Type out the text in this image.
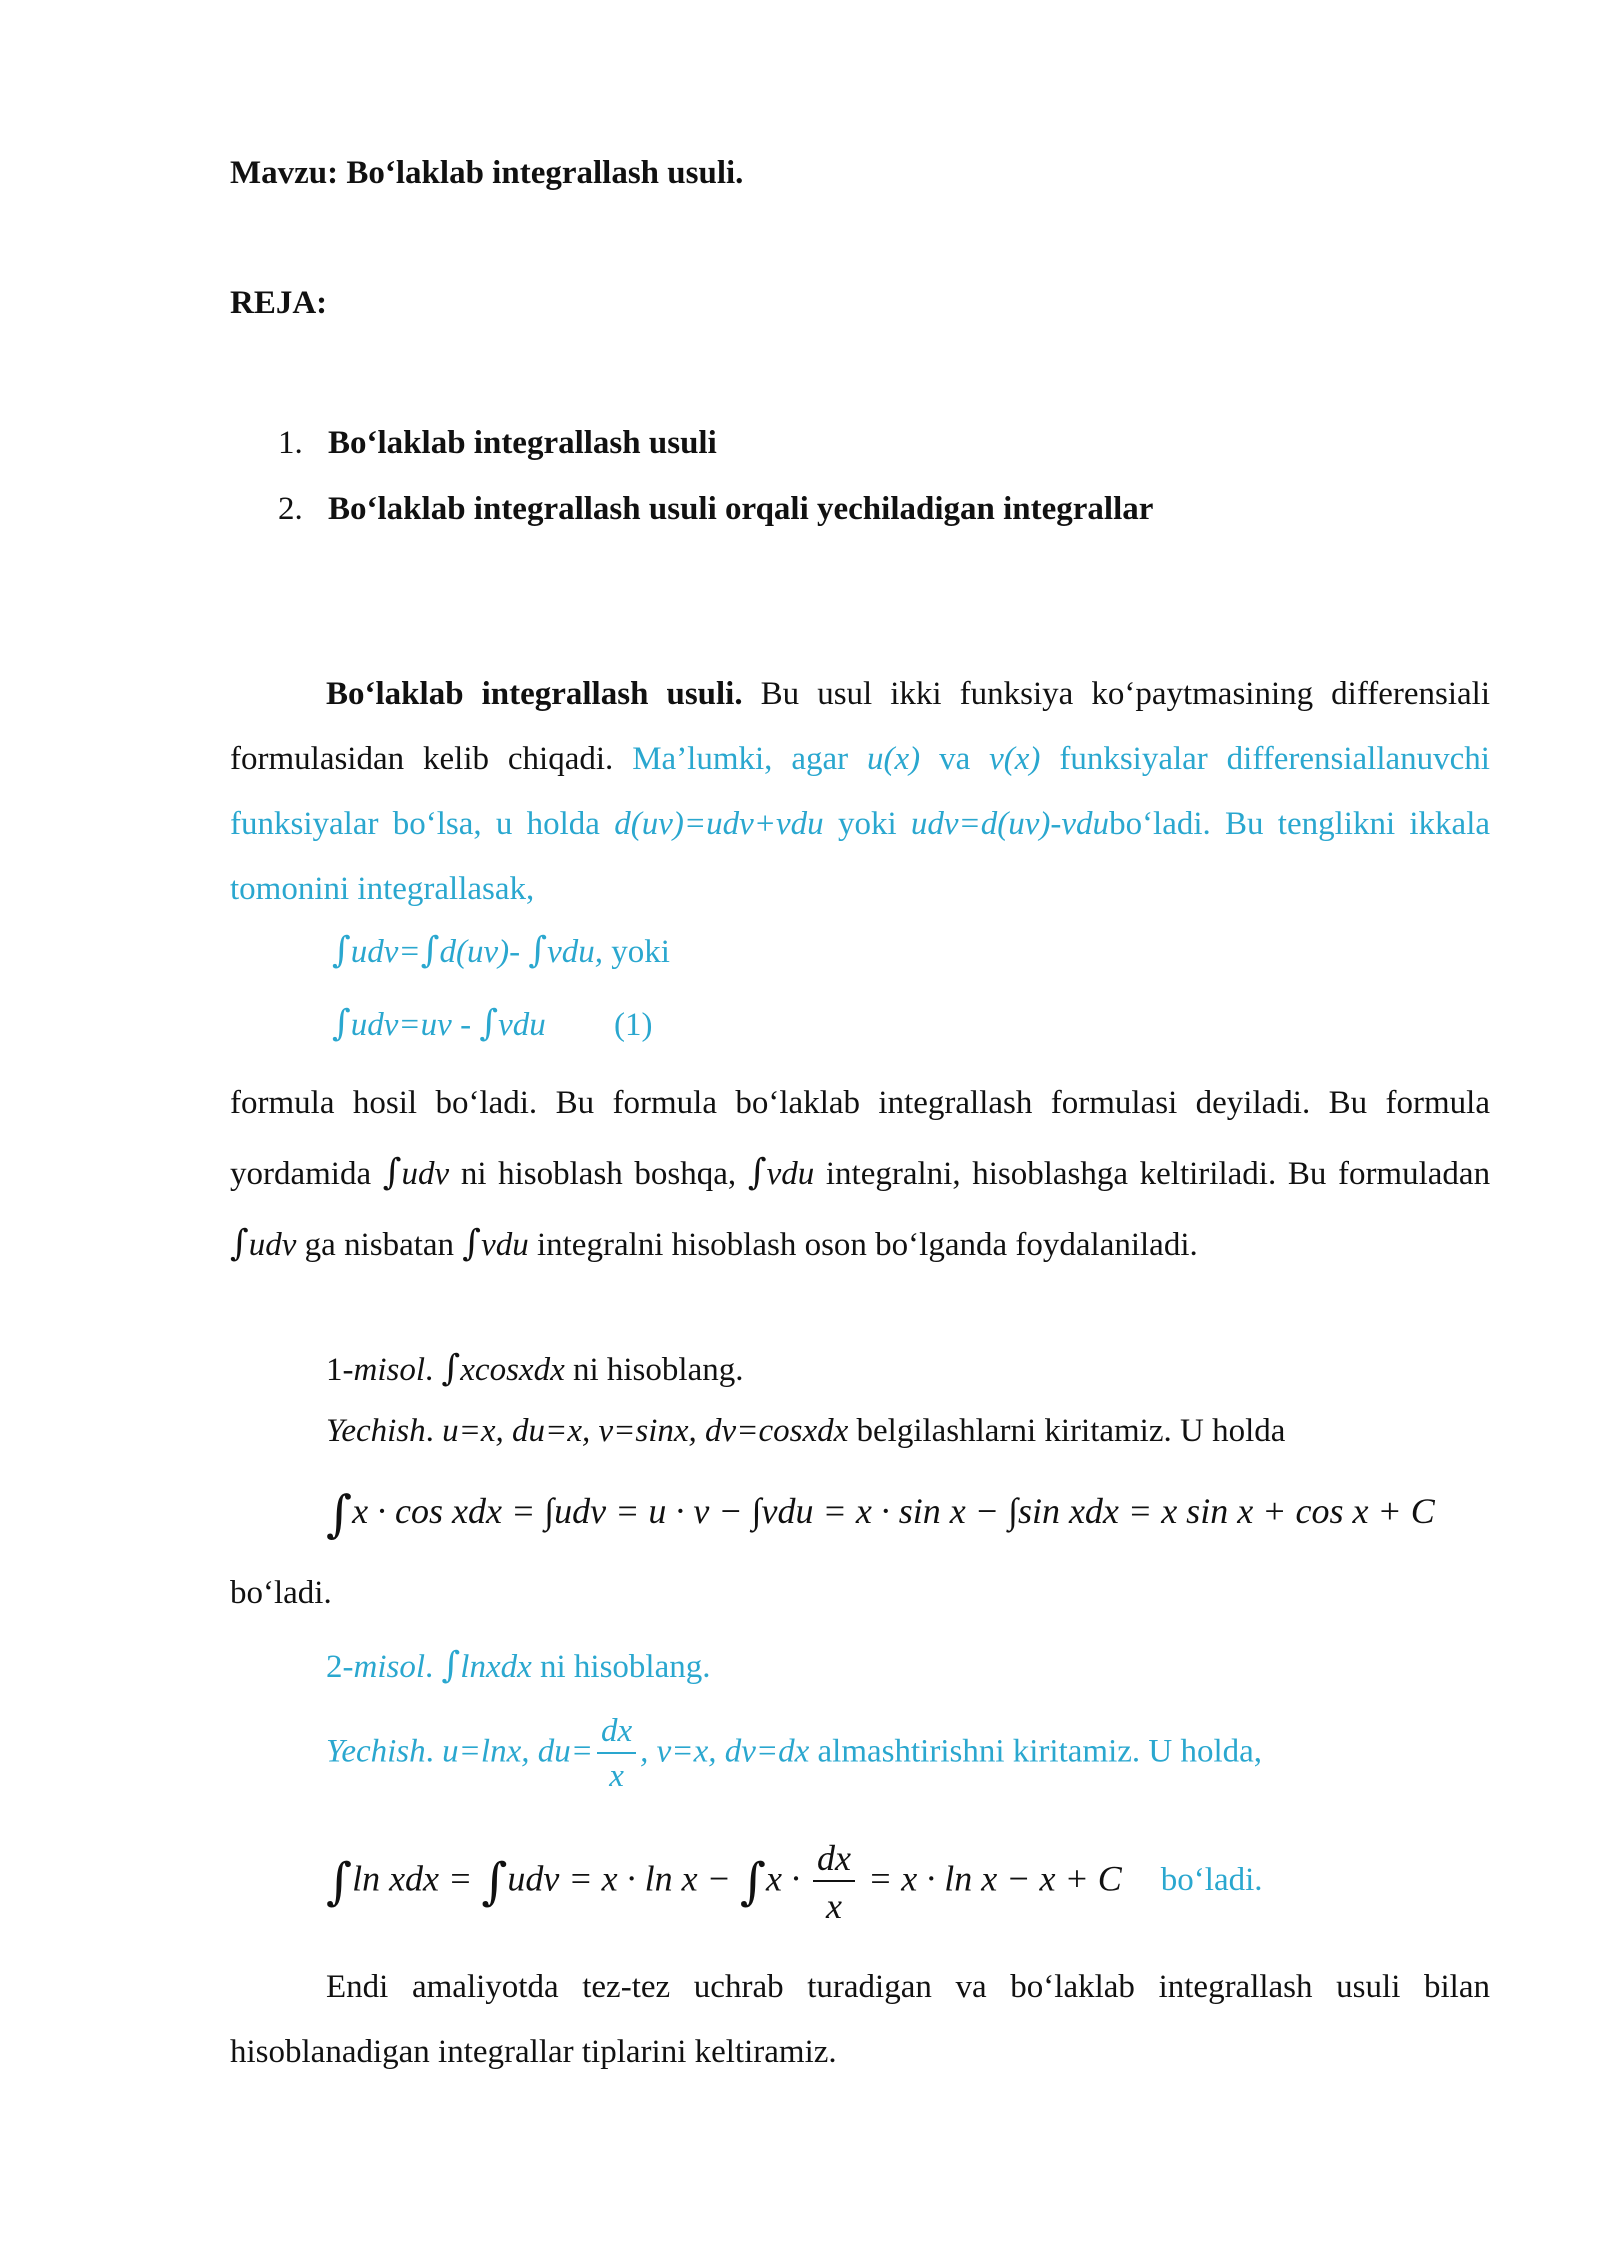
Mavzu: Bo‘laklab integrallash usuli.
REJA:
1. Bo‘laklab integrallash usuli
2. Bo‘laklab integrallash usuli orqali yechiladigan integrallar
Bo‘laklab integrallash usuli. Bu usul ikki funksiya ko‘paytmasining differensiali formulasidan kelib chiqadi. Ma’lumki, agar u(x) va v(x) funksiyalar differensiallanuvchi funksiyalar bo‘lsa, u holda d(uv)=udv+vdu yoki udv=d(uv)-vdubo‘ladi. Bu tenglikni ikkala tomonini integrallasak,
∫udv=∫d(uv)- ∫vdu, yoki
∫udv=uv - ∫vdu (1)
formula hosil bo‘ladi. Bu formula bo‘laklab integrallash formulasi deyiladi. Bu formula yordamida ∫udv ni hisoblash boshqa, ∫vdu integralni, hisoblashga keltiriladi. Bu formuladan ∫udv ga nisbatan ∫vdu integralni hisoblash oson bo‘lganda foydalaniladi.
1-misol. ∫xcosxdx ni hisoblang.
Yechish. u=x, du=x, v=sinx, dv=cosxdx belgilashlarni kiritamiz. U holda
∫x · cos xdx = ∫udv = u · v − ∫vdu = x · sin x − ∫sin xdx = x sin x + cos x + C
bo‘ladi.
2-misol. ∫lnxdx ni hisoblang.
Yechish. u=lnx, $du= \frac{dx}{x}$ , v=x, dv=dx almashtirishni kiritamiz. U holda,
∫ln xdx = $\int udv = x \cdot \ln x - \int x \cdot \frac{dx}{x} = x \cdot \ln x - x + C$ bo‘ladi.
Endi amaliyotda tez-tez uchrab turadigan va bo‘laklab integrallash usuli bilan hisoblanadigan integrallar tiplarini keltiramiz.
